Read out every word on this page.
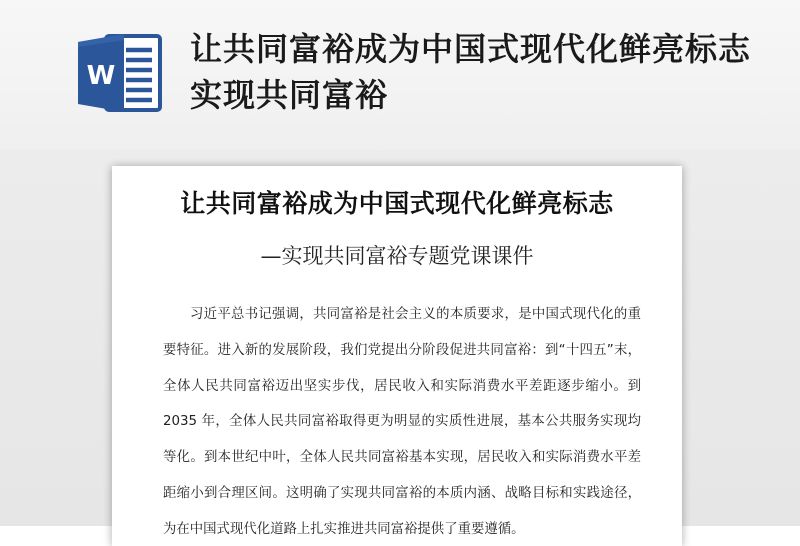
W
让共同富裕成为中国式现代化鲜亮标志实现共同富裕
让共同富裕成为中国式现代化鲜亮标志
—实现共同富裕专题党课课件
习近平总书记强调，共同富裕是社会主义的本质要求，是中国式现代化的重要特征。进入新的发展阶段，我们党提出分阶段促进共同富裕：到“十四五”末，全体人民共同富裕迈出坚实步伐，居民收入和实际消费水平差距逐步缩小。到2035 年，全体人民共同富裕取得更为明显的实质性进展，基本公共服务实现均等化。到本世纪中叶，全体人民共同富裕基本实现，居民收入和实际消费水平差距缩小到合理区间。这明确了实现共同富裕的本质内涵、战略目标和实践途径，为在中国式现代化道路上扎实推进共同富裕提供了重要遵循。
